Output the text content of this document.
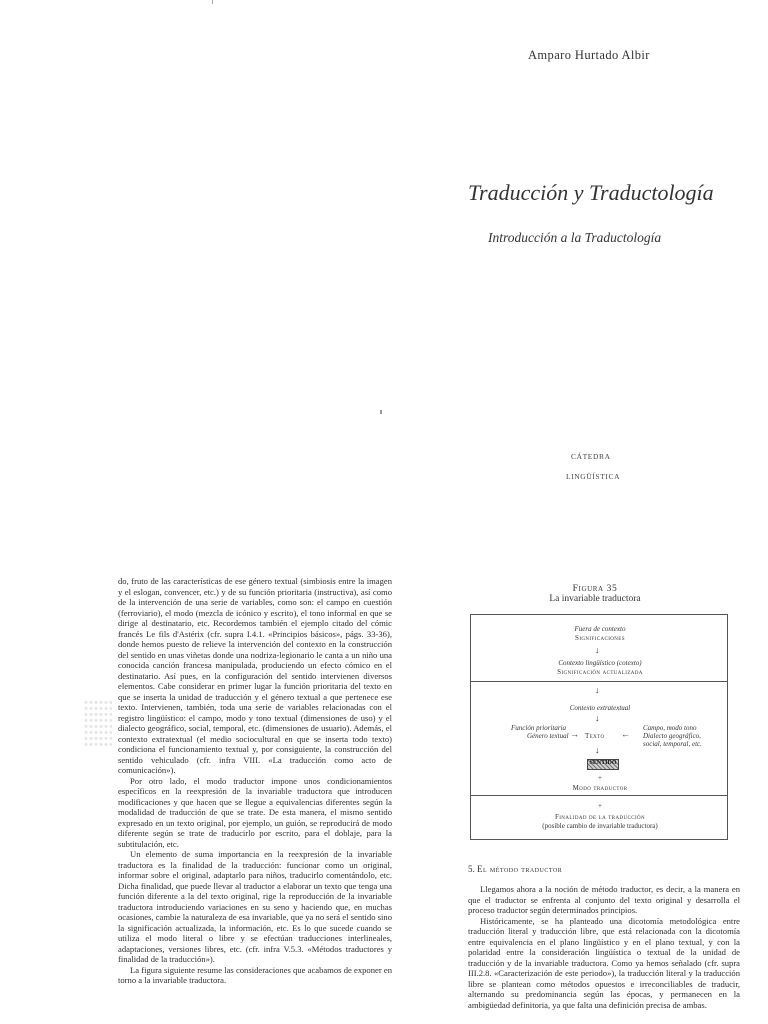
Amparo Hurtado Albir
Traducción y Traductología
Introducción a la Traductología
CÁTEDRA
LINGÜÍSTICA

do, fruto de las características de ese género textual (simbiosis entre la imagen y el eslogan, convencer, etc.) y de su función prioritaria (instructiva), así como de la intervención de una serie de variables, como son: el campo en cuestión (ferroviario), el modo (mezcla de icónico y escrito), el tono informal en que se dirige al destinatario, etc. Recordemos también el ejemplo citado del cómic francés Le fils d'Astérix (cfr. supra I.4.1. «Principios básicos», págs. 33-36), donde hemos puesto de relieve la intervención del contexto en la construcción del sentido en unas viñetas donde una nodriza-legionario le canta a un niño una conocida canción francesa manipulada, produciendo un efecto cómico en el destinatario. Así pues, en la configuración del sentido intervienen diversos elementos. Cabe considerar en primer lugar la función prioritaria del texto en que se inserta la unidad de traducción y el género textual a que pertenece ese texto. Intervienen, también, toda una serie de variables relacionadas con el registro lingüístico: el campo, modo y tono textual (dimensiones de uso) y el dialecto geográfico, social, temporal, etc. (dimensiones de usuario). Además, el contexto extratextual (el medio sociocultural en que se inserta todo texto) condiciona el funcionamiento textual y, por consiguiente, la construcción del sentido vehiculado (cfr. infra VIII. «La traducción como acto de comunicación»).

Por otro lado, el modo traductor impone unos condicionamientos específicos en la reexpresión de la invariable traductora que introducen modificaciones y que hacen que se llegue a equivalencias diferentes según la modalidad de traducción de que se trate. De esta manera, el mismo sentido expresado en un texto original, por ejemplo, un guión, se reproducirá de modo diferente según se trate de traducirlo por escrito, para el doblaje, para la subtitulación, etc.

Un elemento de suma importancia en la reexpresión de la invariable traductora es la finalidad de la traducción: funcionar como un original, informar sobre el original, adaptarlo para niños, traducirlo comentándolo, etc. Dicha finalidad, que puede llevar al traductor a elaborar un texto que tenga una función diferente a la del texto original, rige la reproducción de la invariable traductora introduciendo variaciones en su seno y haciendo que, en muchas ocasiones, cambie la naturaleza de esa invariable, que ya no será el sentido sino la significación actualizada, la información, etc. Es lo que sucede cuando se utiliza el modo literal o libre y se efectúan traducciones interlineales, adaptaciones, versiones libres, etc. (cfr. infra V.5.3. «Métodos traductores y finalidad de la traducción»).

La figura siguiente resume las consideraciones que acabamos de exponer en torno a la invariable traductora.

Figura 35
La invariable traductora
Fuera de contexto
Significaciones
↓
Contexto lingüístico (cotexto)
Significación actualizada
↓
Contexto extratextual
↓
Función prioritaria
Género textual → Texto ←
Campo, modo tono
Dialecto geográfico,
social, temporal, etc.
↓
SENTIDO
+
Modo traductor
+
Finalidad de la traducción
(posible cambio de invariable traductora)
5. El método traductor

Llegamos ahora a la noción de método traductor, es decir, a la manera en que el traductor se enfrenta al conjunto del texto original y desarrolla el proceso traductor según determinados principios.

Históricamente, se ha planteado una dicotomía metodológica entre traducción literal y traducción libre, que está relacionada con la dicotomía entre equivalencia en el plano lingüístico y en el plano textual, y con la polaridad entre la consideración lingüística o textual de la unidad de traducción y de la invariable traductora. Como ya hemos señalado (cfr. supra III.2.8. «Caracterización de este periodo»), la traducción literal y la traducción libre se plantean como métodos opuestos e irreconciliables de traducir, alternando su predominancia según las épocas, y permanecen en la ambigüedad definitoria, ya que falta una definición precisa de ambas.
